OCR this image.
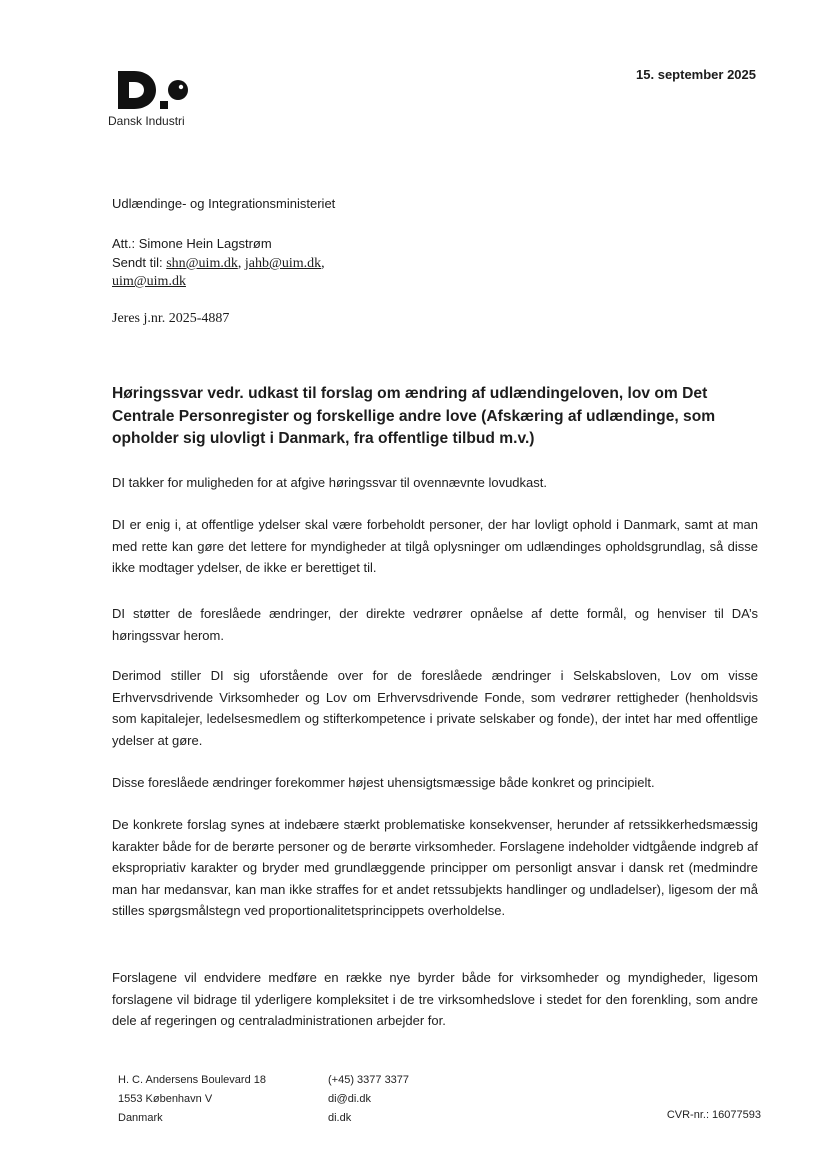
Dansk Industri
15. september 2025
Udlændinge- og Integrationsministeriet
Att.: Simone Hein Lagstrøm
Sendt til: shn@uim.dk, jahb@uim.dk,
uim@uim.dk
Jeres j.nr. 2025-4887
Høringssvar vedr. udkast til forslag om ændring af udlændingeloven, lov om Det Centrale Personregister og forskellige andre love (Afskæring af udlændinge, som opholder sig ulovligt i Danmark, fra offentlige tilbud m.v.)

DI takker for muligheden for at afgive høringssvar til ovennævnte lovudkast.

DI er enig i, at offentlige ydelser skal være forbeholdt personer, der har lovligt ophold i Danmark, samt at man med rette kan gøre det lettere for myndigheder at tilgå oplysninger om udlændinges opholdsgrundlag, så disse ikke modtager ydelser, de ikke er berettiget til.

DI støtter de foreslåede ændringer, der direkte vedrører opnåelse af dette formål, og henviser til DA’s høringssvar herom.

Derimod stiller DI sig uforstående over for de foreslåede ændringer i Selskabsloven, Lov om visse Erhvervsdrivende Virksomheder og Lov om Erhvervsdrivende Fonde, som vedrører rettigheder (henholdsvis som kapitalejer, ledelsesmedlem og stifterkompetence i private selskaber og fonde), der intet har med offentlige ydelser at gøre.

Disse foreslåede ændringer forekommer højest uhensigtsmæssige både konkret og principielt.

De konkrete forslag synes at indebære stærkt problematiske konsekvenser, herunder af retssikkerhedsmæssig karakter både for de berørte personer og de berørte virksomheder. Forslagene indeholder vidtgående indgreb af ekspropriativ karakter og bryder med grundlæggende principper om personligt ansvar i dansk ret (medmindre man har medansvar, kan man ikke straffes for et andet retssubjekts handlinger og undladelser), ligesom der må stilles spørgsmålstegn ved proportionalitetsprincippets overholdelse.

Forslagene vil endvidere medføre en række nye byrder både for virksomheder og myndigheder, ligesom forslagene vil bidrage til yderligere kompleksitet i de tre virksomhedslove i stedet for den forenkling, som andre dele af regeringen og centraladministrationen arbejder for.

H. C. Andersens Boulevard 18
1553 København V
Danmark
(+45) 3377 3377
di@di.dk
di.dk	CVR-nr.: 16077593
